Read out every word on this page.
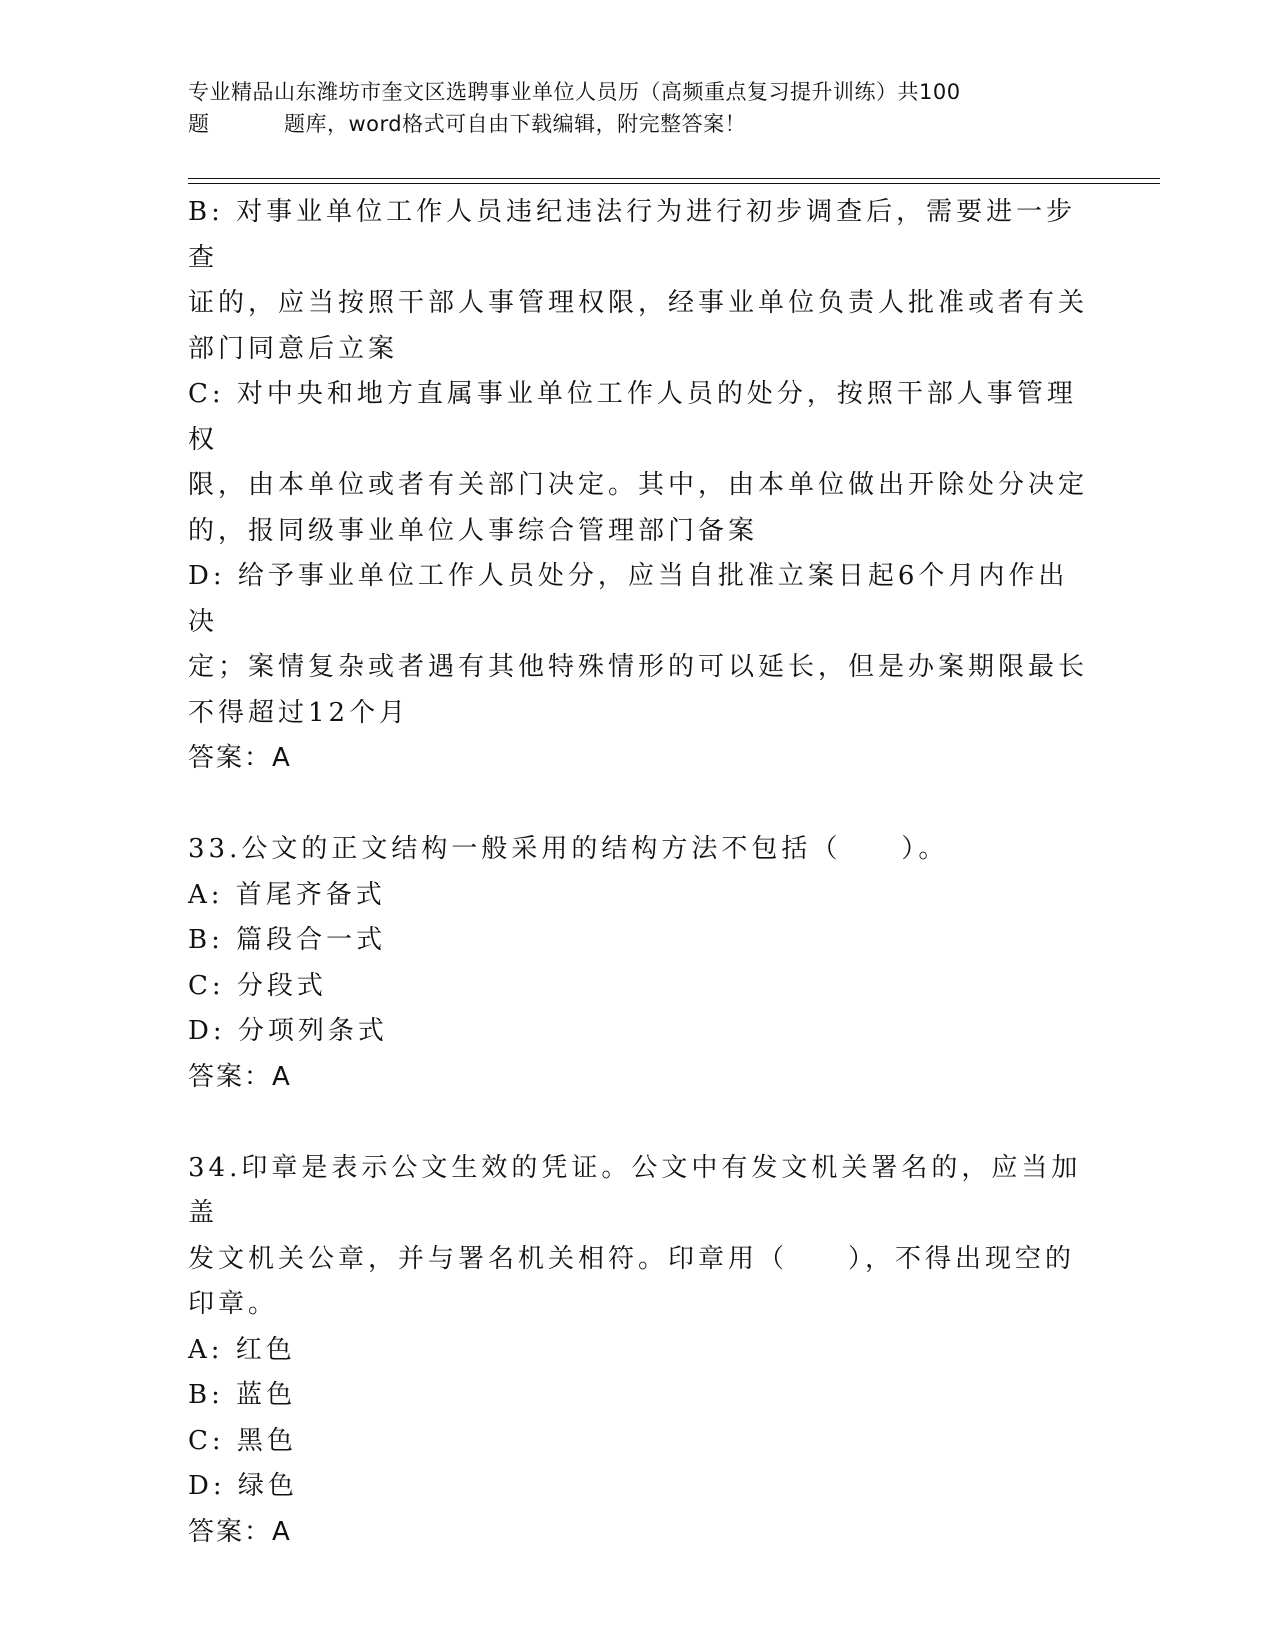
专业精品山东潍坊市奎文区选聘事业单位人员历（高频重点复习提升训练）共100
题	题库，word格式可自由下载编辑，附完整答案！

B: 对事业单位工作人员违纪违法行为进行初步调查后，需要进一步查

证的，应当按照干部人事管理权限，经事业单位负责人批准或者有关

部门同意后立案

C: 对中央和地方直属事业单位工作人员的处分，按照干部人事管理权

限，由本单位或者有关部门决定。其中，由本单位做出开除处分决定

的，报同级事业单位人事综合管理部门备案

D: 给予事业单位工作人员处分，应当自批准立案日起6个月内作出决

定；案情复杂或者遇有其他特殊情形的可以延长，但是办案期限最长

不得超过12个月

答案：A

33.公文的正文结构一般采用的结构方法不包括（　　）。

A: 首尾齐备式

B: 篇段合一式

C: 分段式

D: 分项列条式

答案：A

34.印章是表示公文生效的凭证。公文中有发文机关署名的，应当加盖

发文机关公章，并与署名机关相符。印章用（　　），不得出现空的

印章。

A: 红色

B: 蓝色

C: 黑色

D: 绿色

答案：A
